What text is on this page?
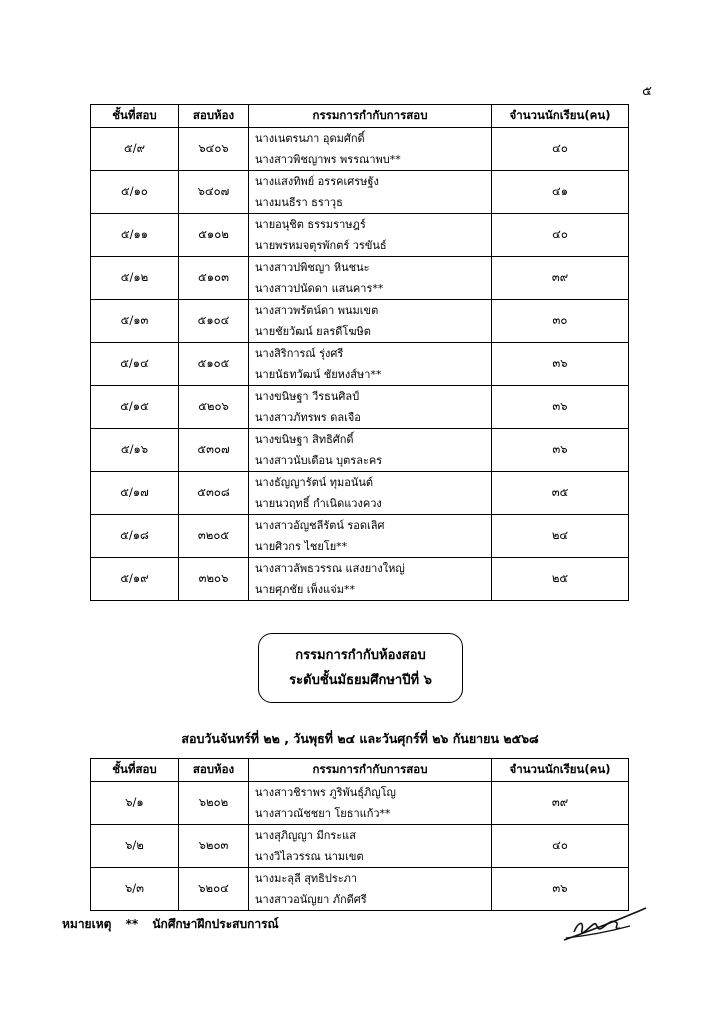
๕
ชั้นที่สอบ	สอบห้อง	กรรมการกำกับการสอบ	จำนวนนักเรียน(คน)
๕/๙	๖๔๐๖	นางเนตรนภา อุดมศักดิ์
นางสาวพิชญาพร พรรณาพบ**	๔๐
๕/๑๐	๖๔๐๗	นางแสงทิพย์ อรรคเศรษฐัง
นางมนธีรา ธราวุธ	๔๑
๕/๑๑	๕๑๐๒	นายอนุชิต ธรรมราษฎร์
นายพรหมจตุรพักตร์ วรขันธ์	๔๐
๕/๑๒	๕๑๐๓	นางสาวปพิชญา หินชนะ
นางสาวปนัดดา แสนคาร**	๓๙
๕/๑๓	๕๑๐๔	นางสาวพรัตน์ดา พนมเขต
นายชัยวัฒน์ ยลรดีโฆษิต	๓๐
๕/๑๔	๕๑๐๕	นางสิริการณ์ รุ่งศรี
นายนัธทวัฒน์ ชัยหงส์ษา**	๓๖
๕/๑๕	๕๒๐๖	นางขนิษฐา วีรธนศิลป์
นางสาวภัทรพร ดลเจือ	๓๖
๕/๑๖	๕๓๐๗	นางขนิษฐา สิทธิศักดิ์
นางสาวนับเดือน บุตรละคร	๓๖
๕/๑๗	๕๓๐๘	นางธัญญารัตน์ ทุมอนันต์
นายนวฤทธิ์ กำเนิดแวงควง	๓๕
๕/๑๘	๓๒๐๕	นางสาวอัญชลีรัตน์ รอดเลิศ
นายศิวกร ไชยโย**	๒๔
๕/๑๙	๓๒๐๖	นางสาวลัพธวรรณ แสงยางใหญ่
นายศุภชัย เพ็งแจ่ม**	๒๕
กรรมการกำกับห้องสอบ
ระดับชั้นมัธยมศึกษาปีที่ ๖
สอบวันจันทร์ที่ ๒๒ , วันพุธที่ ๒๔ และวันศุกร์ที่ ๒๖ กันยายน ๒๕๖๘
ชั้นที่สอบ	สอบห้อง	กรรมการกำกับการสอบ	จำนวนนักเรียน(คน)
๖/๑	๖๒๐๒	นางสาวชิราพร ภูริพันธุ์ภิญโญ
นางสาวณัชชยา โยธาแก้ว**	๓๙
๖/๒	๖๒๐๓	นางสุภิญญา มีกระแส
นางวิไลวรรณ นามเขต	๔๐
๖/๓	๖๒๐๔	นางมะลุลี สุทธิประภา
นางสาวอนัญยา ภักดีศรี	๓๖
หมายเหตุ ** นักศึกษาฝึกประสบการณ์
